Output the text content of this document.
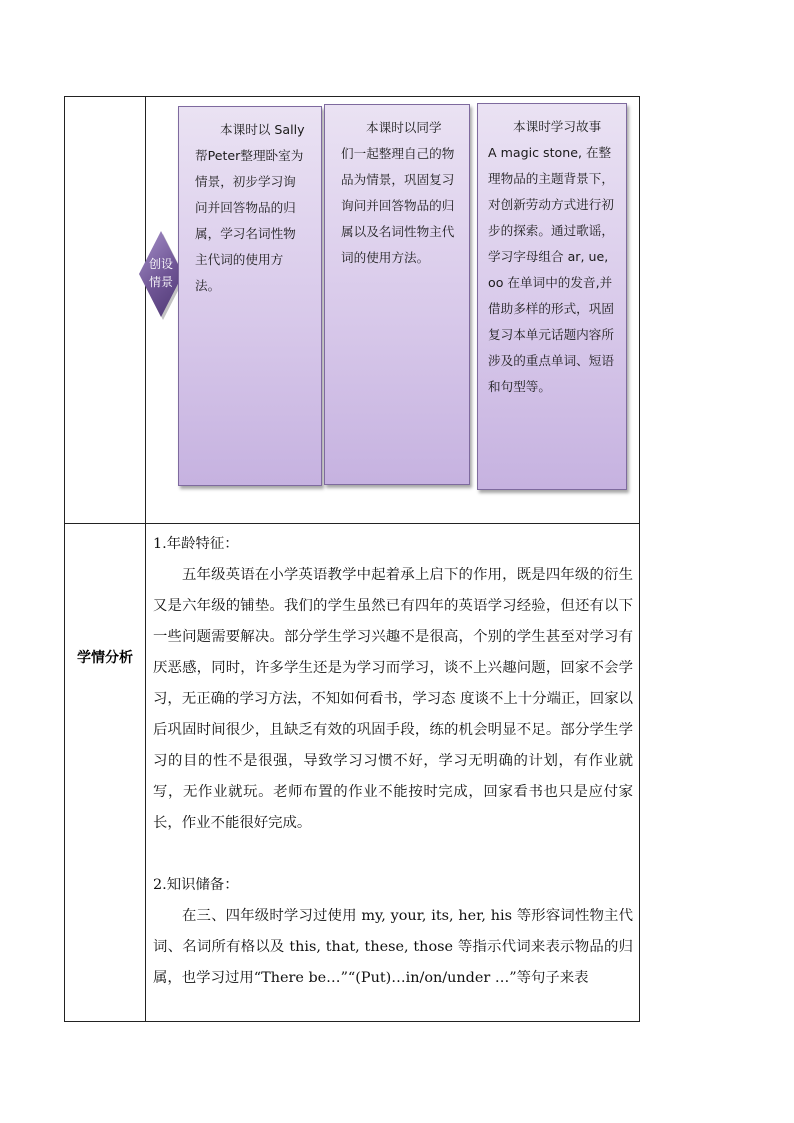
创设
情景

本课时以 Sally

帮Peter整理卧室为情景，初步学习询问并回答物品的归属，学习名词性物主代词的使用方法。

本课时以同学

们一起整理自己的物品为情景，巩固复习询问并回答物品的归属以及名词性物主代词的使用方法。

本课时学习故事

A magic stone, 在整理物品的主题背景下，对创新劳动方式进行初步的探索。通过歌谣，学习字母组合 ar, ue, oo 在单词中的发音,并借助多样的形式，巩固复习本单元话题内容所涉及的重点单词、短语和句型等。

学情分析

1.年龄特征：

五年级英语在小学英语教学中起着承上启下的作用，既是四年级的衍生又是六年级的铺垫。我们的学生虽然已有四年的英语学习经验，但还有以下一些问题需要解决。部分学生学习兴趣不是很高，个别的学生甚至对学习有厌恶感，同时，许多学生还是为学习而学习，谈不上兴趣问题，回家不会学习，无正确的学习方法，不知如何看书，学习态 度谈不上十分端正，回家以后巩固时间很少，且缺乏有效的巩固手段，练的机会明显不足。部分学生学习的目的性不是很强，导致学习习惯不好，学习无明确的计划，有作业就写，无作业就玩。老师布置的作业不能按时完成，回家看书也只是应付家长，作业不能很好完成。

2.知识储备：

在三、四年级时学习过使用 my, your, its, her, his 等形容词性物主代词、名词所有格以及 this, that, these, those 等指示代词来表示物品的归属，也学习过用“There be…”“(Put)…in/on/under …”等句子来表
